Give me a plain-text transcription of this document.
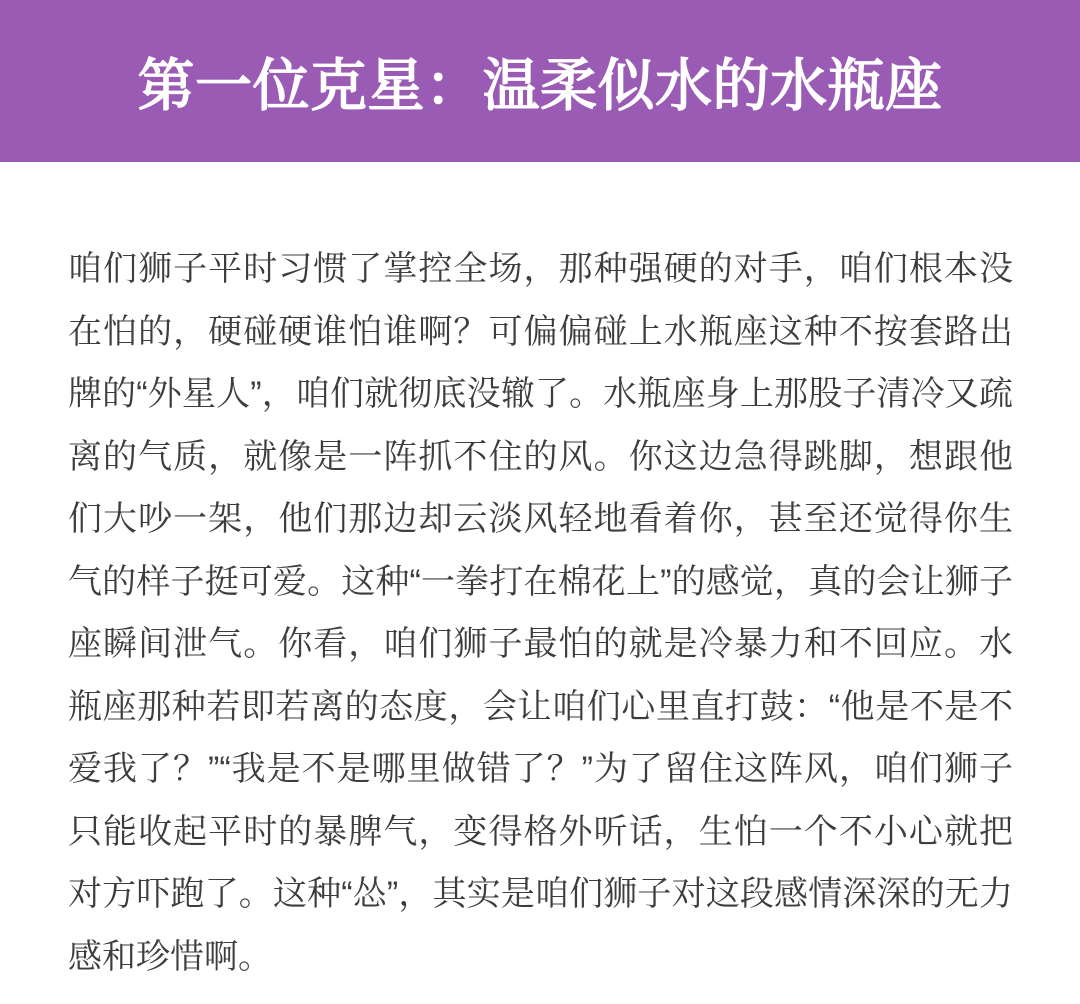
第一位克星：温柔似水的水瓶座

咱们狮子平时习惯了掌控全场，那种强硬的对手，咱们根本没在怕的，硬碰硬谁怕谁啊？可偏偏碰上水瓶座这种不按套路出牌的“外星人”，咱们就彻底没辙了。水瓶座身上那股子清冷又疏离的气质，就像是一阵抓不住的风。你这边急得跳脚，想跟他们大吵一架，他们那边却云淡风轻地看着你，甚至还觉得你生气的样子挺可爱。这种“一拳打在棉花上”的感觉，真的会让狮子座瞬间泄气。你看，咱们狮子最怕的就是冷暴力和不回应。水瓶座那种若即若离的态度，会让咱们心里直打鼓：“他是不是不爱我了？”“我是不是哪里做错了？”为了留住这阵风，咱们狮子只能收起平时的暴脾气，变得格外听话，生怕一个不小心就把对方吓跑了。这种“怂”，其实是咱们狮子对这段感情深深的无力感和珍惜啊。
